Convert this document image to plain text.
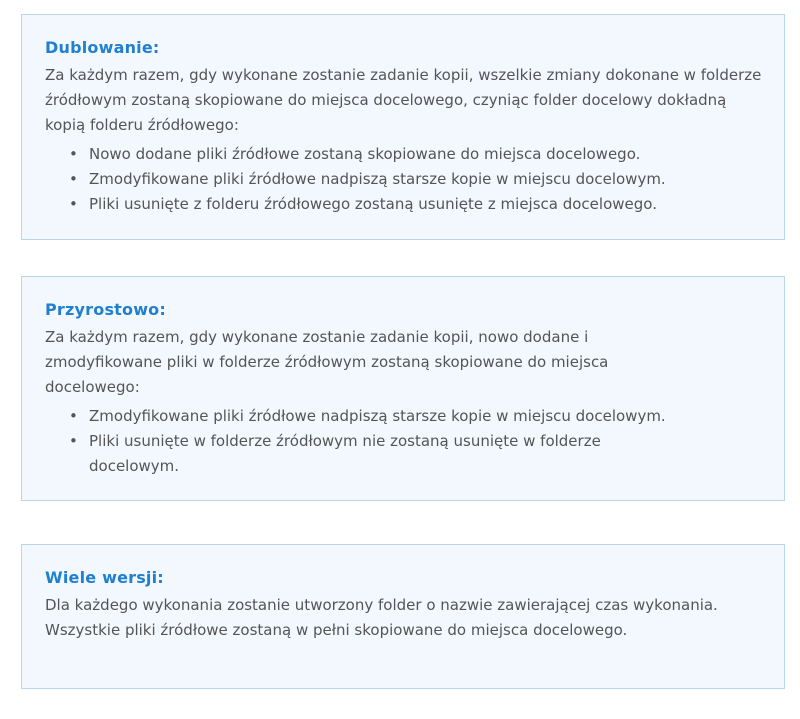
Dublowanie:

Za każdym razem, gdy wykonane zostanie zadanie kopii, wszelkie zmiany dokonane w folderze źródłowym zostaną skopiowane do miejsca docelowego, czyniąc folder docelowy dokładną kopią folderu źródłowego:

• Nowo dodane pliki źródłowe zostaną skopiowane do miejsca docelowego.
• Zmodyfikowane pliki źródłowe nadpiszą starsze kopie w miejscu docelowym.
• Pliki usunięte z folderu źródłowego zostaną usunięte z miejsca docelowego.
Przyrostowo:

Za każdym razem, gdy wykonane zostanie zadanie kopii, nowo dodane i zmodyfikowane pliki w folderze źródłowym zostaną skopiowane do miejsca docelowego:

• Zmodyfikowane pliki źródłowe nadpiszą starsze kopie w miejscu docelowym.
• Pliki usunięte w folderze źródłowym nie zostaną usunięte w folderze docelowym.
Wiele wersji:

Dla każdego wykonania zostanie utworzony folder o nazwie zawierającej czas wykonania. Wszystkie pliki źródłowe zostaną w pełni skopiowane do miejsca docelowego.
